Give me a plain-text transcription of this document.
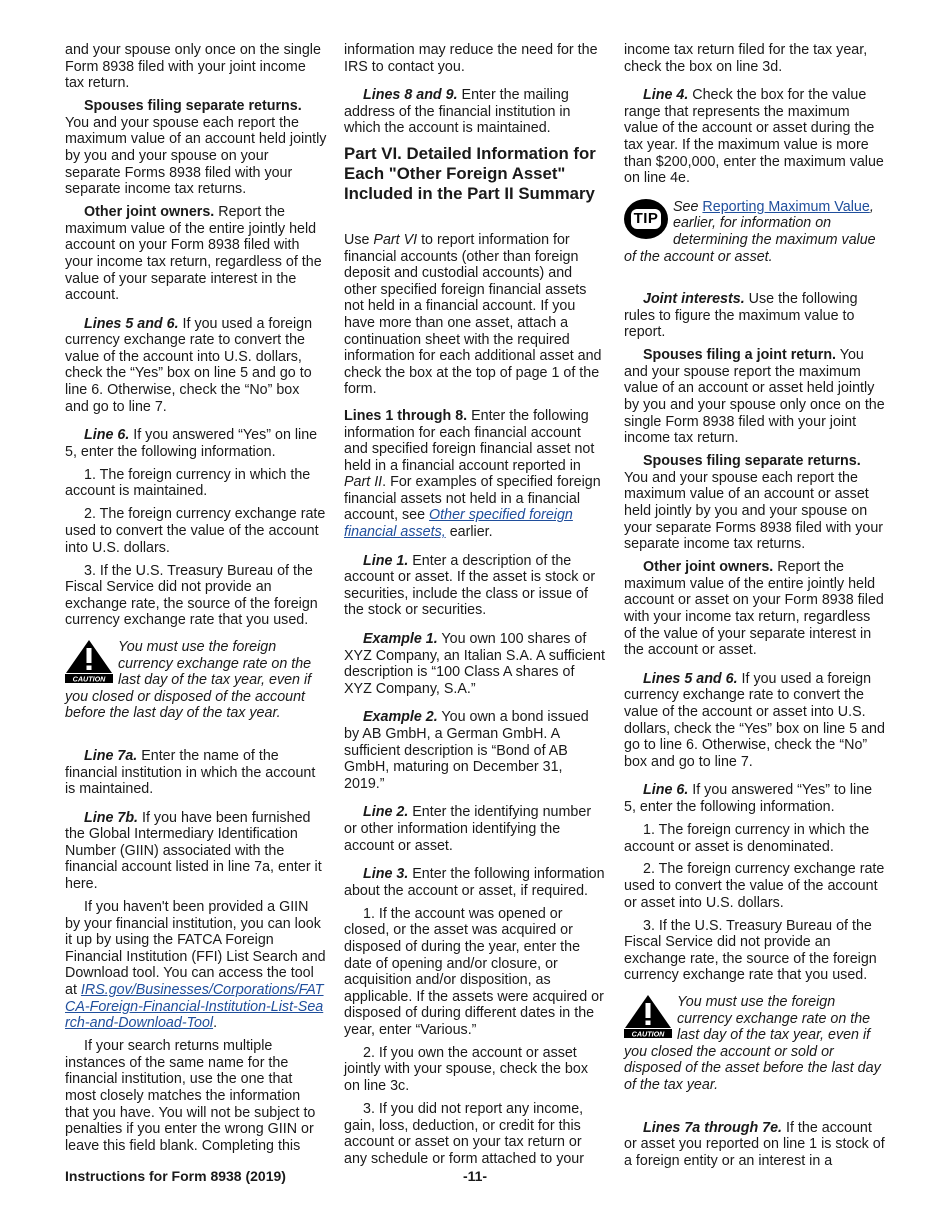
and your spouse only once on the single Form 8938 filed with your joint income tax return.

Spouses filing separate returns. You and your spouse each report the maximum value of an account held jointly by you and your spouse on your separate Forms 8938 filed with your separate income tax returns.

Other joint owners. Report the maximum value of the entire jointly held account on your Form 8938 filed with your income tax return, regardless of the value of your separate interest in the account.

Lines 5 and 6. If you used a foreign currency exchange rate to convert the value of the account into U.S. dollars, check the “Yes” box on line 5 and go to line 6. Otherwise, check the “No” box and go to line 7.

Line 6. If you answered “Yes” on line 5, enter the following information.

1. The foreign currency in which the account is maintained.

2. The foreign currency exchange rate used to convert the value of the account into U.S. dollars.

3. If the U.S. Treasury Bureau of the Fiscal Service did not provide an exchange rate, the source of the foreign currency exchange rate that you used.

CAUTION
You must use the foreign currency exchange rate on the last day of the tax year, even if you closed or disposed of the account before the last day of the tax year.

Line 7a. Enter the name of the financial institution in which the account is maintained.

Line 7b. If you have been furnished the Global Intermediary Identification Number (GIIN) associated with the financial account listed in line 7a, enter it here.

If you haven't been provided a GIIN by your financial institution, you can look it up by using the FATCA Foreign Financial Institution (FFI) List Search and Download tool. You can access the tool at IRS.gov/Businesses/Corporations/FATCA-Foreign-Financial-Institution-List-Search-and-Download-Tool.

If your search returns multiple instances of the same name for the financial institution, use the one that most closely matches the information that you have. You will not be subject to penalties if you enter the wrong GIIN or leave this field blank. Completing this

information may reduce the need for the IRS to contact you.

Lines 8 and 9. Enter the mailing address of the financial institution in which the account is maintained.

Part VI. Detailed Information for Each "Other Foreign Asset" Included in the Part II Summary

Use Part VI to report information for financial accounts (other than foreign deposit and custodial accounts) and other specified foreign financial assets not held in a financial account. If you have more than one asset, attach a continuation sheet with the required information for each additional asset and check the box at the top of page 1 of the form.

Lines 1 through 8. Enter the following information for each financial account and specified foreign financial asset not held in a financial account reported in Part II. For examples of specified foreign financial assets not held in a financial account, see Other specified foreign financial assets, earlier.

Line 1. Enter a description of the account or asset. If the asset is stock or securities, include the class or issue of the stock or securities.

Example 1. You own 100 shares of XYZ Company, an Italian S.A. A sufficient description is “100 Class A shares of XYZ Company, S.A.”

Example 2. You own a bond issued by AB GmbH, a German GmbH. A sufficient description is “Bond of AB GmbH, maturing on December 31, 2019.”

Line 2. Enter the identifying number or other information identifying the account or asset.

Line 3. Enter the following information about the account or asset, if required.

1. If the account was opened or closed, or the asset was acquired or disposed of during the year, enter the date of opening and/or closure, or acquisition and/or disposition, as applicable. If the assets were acquired or disposed of during different dates in the year, enter “Various.”

2. If you own the account or asset jointly with your spouse, check the box on line 3c.

3. If you did not report any income, gain, loss, deduction, or credit for this account or asset on your tax return or any schedule or form attached to your

income tax return filed for the tax year, check the box on line 3d.

Line 4. Check the box for the value range that represents the maximum value of the account or asset during the tax year. If the maximum value is more than $200,000, enter the maximum value on line 4e.

TIP
See Reporting Maximum Value, earlier, for information on determining the maximum value of the account or asset.

Joint interests. Use the following rules to figure the maximum value to report.

Spouses filing a joint return. You and your spouse report the maximum value of an account or asset held jointly by you and your spouse only once on the single Form 8938 filed with your joint income tax return.

Spouses filing separate returns. You and your spouse each report the maximum value of an account or asset held jointly by you and your spouse on your separate Forms 8938 filed with your separate income tax returns.

Other joint owners. Report the maximum value of the entire jointly held account or asset on your Form 8938 filed with your income tax return, regardless of the value of your separate interest in the account or asset.

Lines 5 and 6. If you used a foreign currency exchange rate to convert the value of the account or asset into U.S. dollars, check the “Yes” box on line 5 and go to line 6. Otherwise, check the “No” box and go to line 7.

Line 6. If you answered “Yes” to line 5, enter the following information.

1. The foreign currency in which the account or asset is denominated.

2. The foreign currency exchange rate used to convert the value of the account or asset into U.S. dollars.

3. If the U.S. Treasury Bureau of the Fiscal Service did not provide an exchange rate, the source of the foreign currency exchange rate that you used.

CAUTION
You must use the foreign currency exchange rate on the last day of the tax year, even if you closed the account or sold or disposed of the asset before the last day of the tax year.

Lines 7a through 7e. If the account or asset you reported on line 1 is stock of a foreign entity or an interest in a

-11-
Instructions for Form 8938 (2019)
